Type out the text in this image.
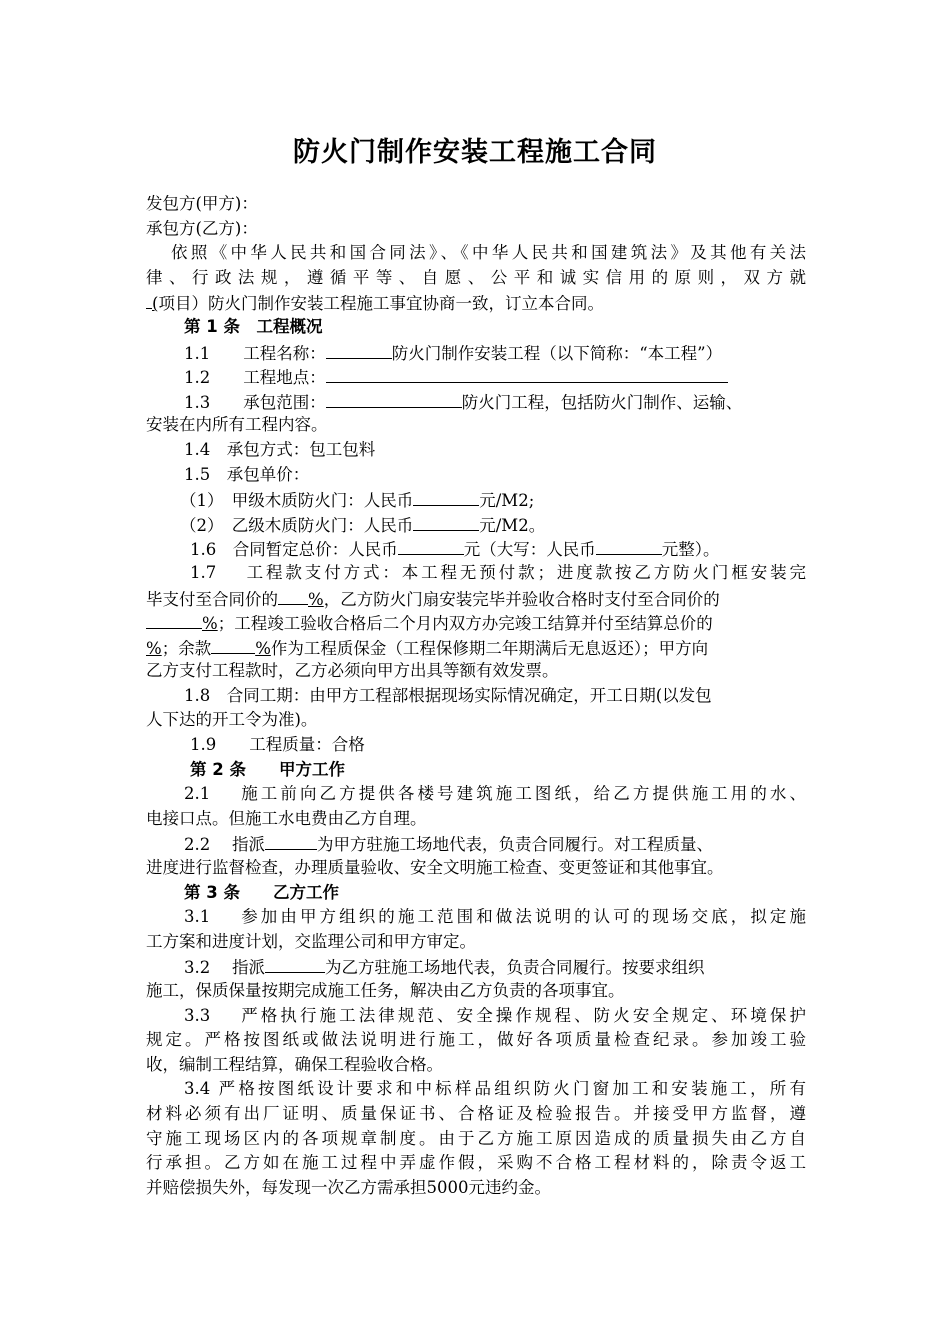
防火门制作安装工程施工合同
发包方(甲方)：
承包方(乙方)：
依照《中华人民共和国合同法》、《中华人民共和国建筑法》及其他有关法
律、行政法规，遵循平等、自愿、公平和诚实信用的原则，双方就
(项目）防火门制作安装工程施工事宜协商一致，订立本合同。
第 1 条　工程概况
1.1　　工程名称：	防火门制作安装工程（以下简称：“本工程”）
1.2　　工程地点：
1.3　　承包范围：	防火门工程，包括防火门制作、运输、
安装在内所有工程内容。
1.4　承包方式：包工包料
1.5　承包单价：
（1）　甲级木质防火门：人民币	元/M2;
（2）　乙级木质防火门：人民币	元/M2。
1.6　合同暂定总价：人民币	元（大写：人民币	元整）。
1.7　 工程款支付方式：本工程无预付款；进度款按乙方防火门框安装完
毕支付至合同价的 %，乙方防火门扇安装完毕并验收合格时支付至合同价的
%；工程竣工验收合格后二个月内双方办完竣工结算并付至结算总价的
%；余款	%作为工程质保金（工程保修期二年期满后无息返还）；甲方向
乙方支付工程款时，乙方必须向甲方出具等额有效发票。
1.8　合同工期：由甲方工程部根据现场实际情况确定，开工日期(以发包
人下达的开工令为准)。
1.9　　工程质量：合格
第 2 条　　甲方工作
2.1　 施工前向乙方提供各楼号建筑施工图纸，给乙方提供施工用的水、
电接口点。但施工水电费由乙方自理。
2.2　 指派	为甲方驻施工场地代表，负责合同履行。对工程质量、
进度进行监督检查，办理质量验收、安全文明施工检查、变更签证和其他事宜。
第 3 条　　乙方工作
3.1　 参加由甲方组织的施工范围和做法说明的认可的现场交底，拟定施
工方案和进度计划，交监理公司和甲方审定。
3.2　 指派	为乙方驻施工场地代表，负责合同履行。按要求组织
施工，保质保量按期完成施工任务，解决由乙方负责的各项事宜。
3.3　 严格执行施工法律规范、安全操作规程、防火安全规定、环境保护
规定。严格按图纸或做法说明进行施工，做好各项质量检查纪录。参加竣工验
收，编制工程结算，确保工程验收合格。
3.4 严格按图纸设计要求和中标样品组织防火门窗加工和安装施工，所有
材料必须有出厂证明、质量保证书、合格证及检验报告。并接受甲方监督，遵
守施工现场区内的各项规章制度。由于乙方施工原因造成的质量损失由乙方自
行承担。乙方如在施工过程中弄虚作假，采购不合格工程材料的，除责令返工
并赔偿损失外，每发现一次乙方需承担5000元违约金。
